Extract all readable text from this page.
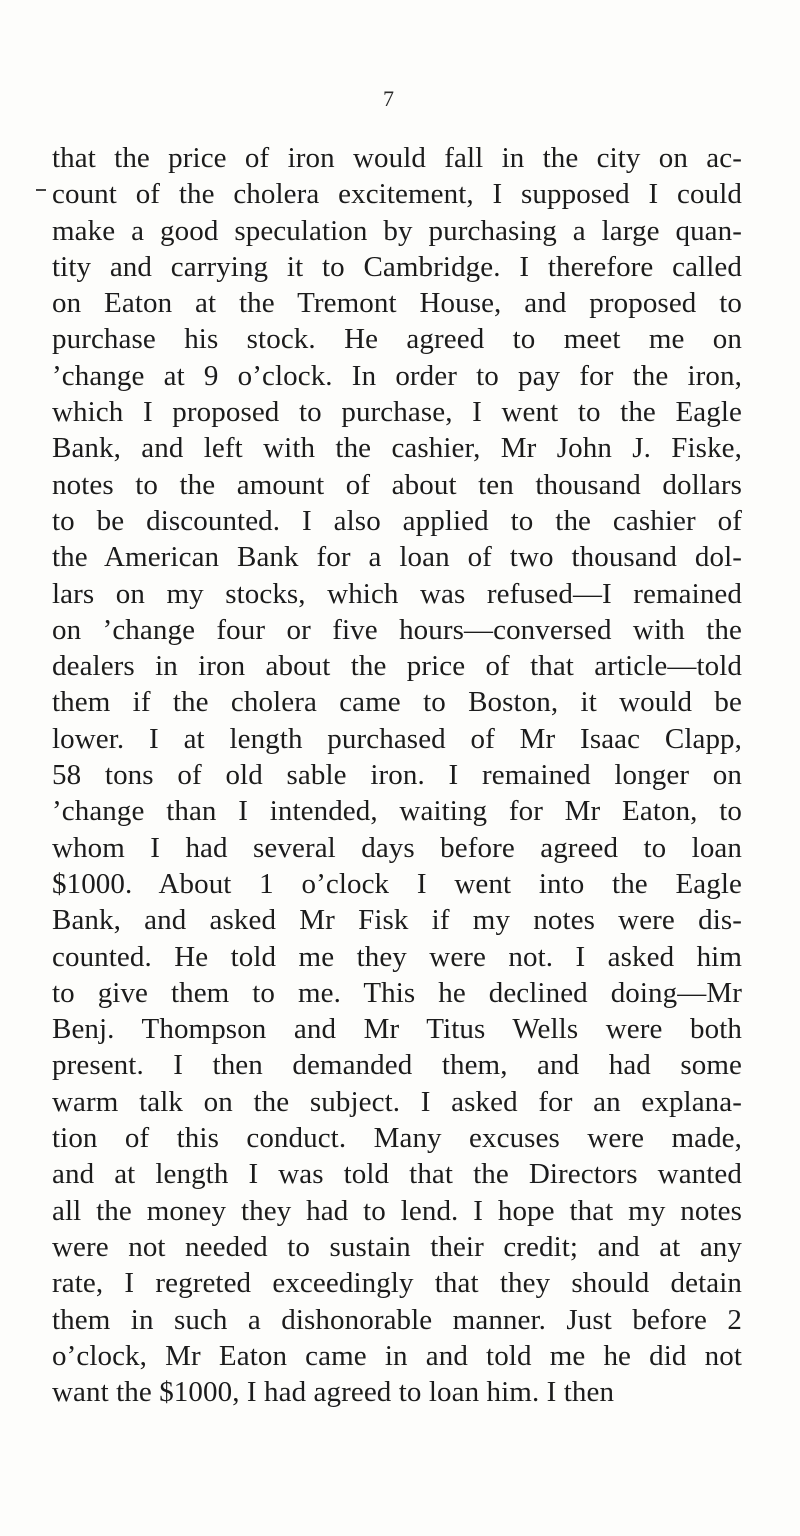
7
that the price of iron would fall in the city on ac-
count of the cholera excitement, I supposed I could
make a good speculation by purchasing a large quan-
tity and carrying it to Cambridge. I therefore called
on Eaton at the Tremont House, and proposed to
purchase his stock. He agreed to meet me on
’change at 9 o’clock. In order to pay for the iron,
which I proposed to purchase, I went to the Eagle
Bank, and left with the cashier, Mr John J. Fiske,
notes to the amount of about ten thousand dollars
to be discounted. I also applied to the cashier of
the American Bank for a loan of two thousand dol-
lars on my stocks, which was refused—I remained
on ’change four or five hours—conversed with the
dealers in iron about the price of that article—told
them if the cholera came to Boston, it would be
lower. I at length purchased of Mr Isaac Clapp,
58 tons of old sable iron. I remained longer on
’change than I intended, waiting for Mr Eaton, to
whom I had several days before agreed to loan
$1000. About 1 o’clock I went into the Eagle
Bank, and asked Mr Fisk if my notes were dis-
counted. He told me they were not. I asked him
to give them to me. This he declined doing—Mr
Benj. Thompson and Mr Titus Wells were both
present. I then demanded them, and had some
warm talk on the subject. I asked for an explana-
tion of this conduct. Many excuses were made,
and at length I was told that the Directors wanted
all the money they had to lend. I hope that my notes
were not needed to sustain their credit; and at any
rate, I regreted exceedingly that they should detain
them in such a dishonorable manner. Just before 2
o’clock, Mr Eaton came in and told me he did not
want the $1000, I had agreed to loan him. I then
